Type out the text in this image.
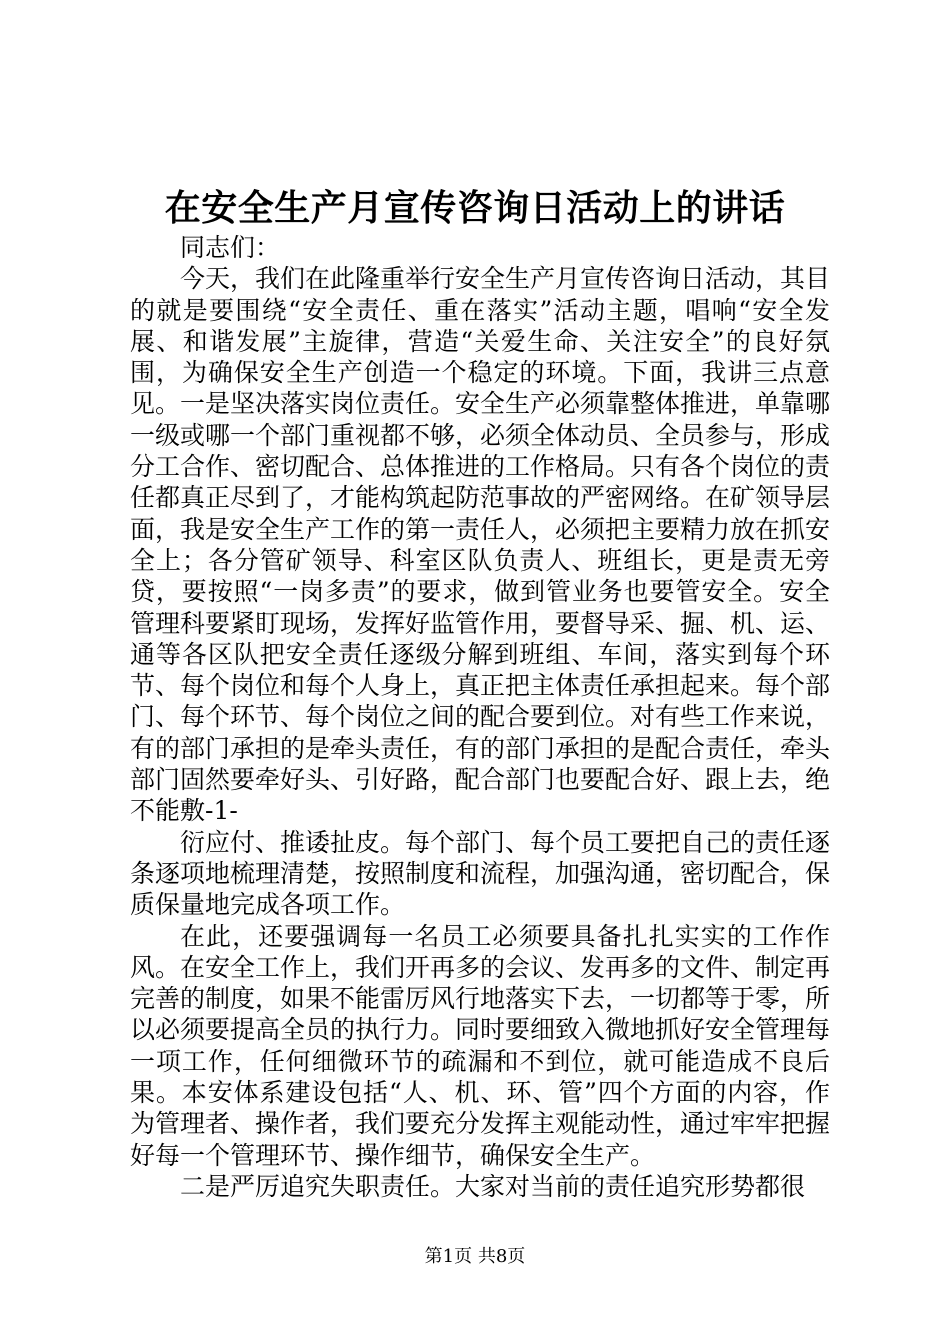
在安全生产月宣传咨询日活动上的讲话

同志们：

今天，我们在此隆重举行安全生产月宣传咨询日活动，其目的就是要围绕“安全责任、重在落实”活动主题，唱响“安全发展、和谐发展”主旋律，营造“关爱生命、关注安全”的良好氛围，为确保安全生产创造一个稳定的环境。下面，我讲三点意见。一是坚决落实岗位责任。安全生产必须靠整体推进，单靠哪一级或哪一个部门重视都不够，必须全体动员、全员参与，形成分工合作、密切配合、总体推进的工作格局。只有各个岗位的责任都真正尽到了，才能构筑起防范事故的严密网络。在矿领导层面，我是安全生产工作的第一责任人，必须把主要精力放在抓安全上；各分管矿领导、科室区队负责人、班组长，更是责无旁贷，要按照“一岗多责”的要求，做到管业务也要管安全。安全管理科要紧盯现场，发挥好监管作用，要督导采、掘、机、运、通等各区队把安全责任逐级分解到班组、车间，落实到每个环节、每个岗位和每个人身上，真正把主体责任承担起来。每个部门、每个环节、每个岗位之间的配合要到位。对有些工作来说，有的部门承担的是牵头责任，有的部门承担的是配合责任，牵头部门固然要牵好头、引好路，配合部门也要配合好、跟上去，绝不能敷-1-

衍应付、推诿扯皮。每个部门、每个员工要把自己的责任逐条逐项地梳理清楚，按照制度和流程，加强沟通，密切配合，保质保量地完成各项工作。

在此，还要强调每一名员工必须要具备扎扎实实的工作作风。在安全工作上，我们开再多的会议、发再多的文件、制定再完善的制度，如果不能雷厉风行地落实下去，一切都等于零，所以必须要提高全员的执行力。同时要细致入微地抓好安全管理每一项工作，任何细微环节的疏漏和不到位，就可能造成不良后果。本安体系建设包括“人、机、环、管”四个方面的内容，作为管理者、操作者，我们要充分发挥主观能动性，通过牢牢把握好每一个管理环节、操作细节，确保安全生产。

二是严厉追究失职责任。大家对当前的责任追究形势都很

第1页 共8页
